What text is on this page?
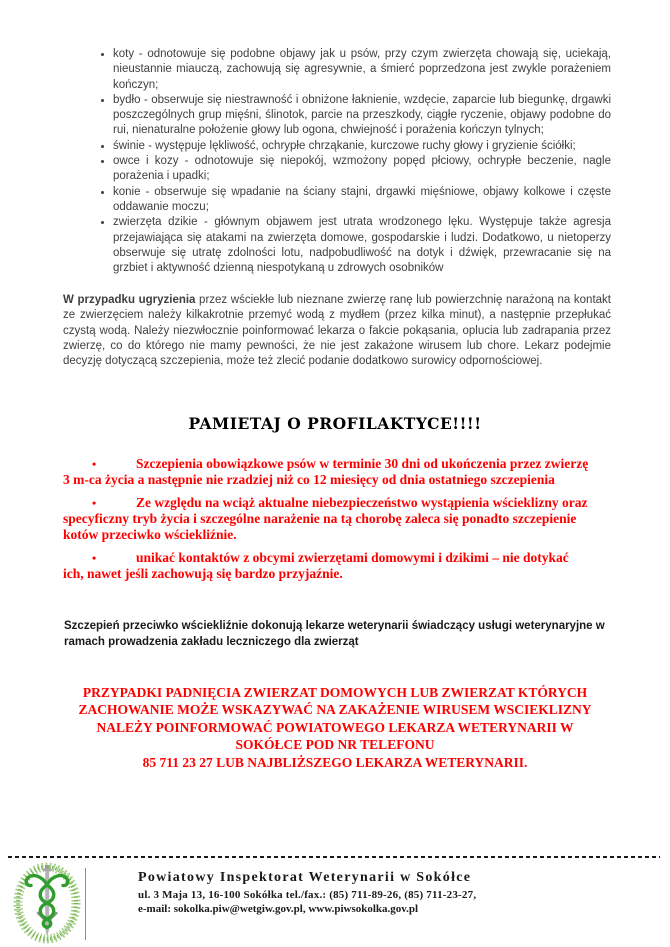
• koty - odnotowuje się podobne objawy jak u psów, przy czym zwierzęta chowają się, uciekają, nieustannie miauczą, zachowują się agresywnie, a śmierć poprzedzona jest zwykle porażeniem kończyn;
• bydło - obserwuje się niestrawność i obniżone łaknienie, wzdęcie, zaparcie lub biegunkę, drgawki poszczególnych grup mięśni, ślinotok, parcie na przeszkody, ciągłe ryczenie, objawy podobne do rui, nienaturalne położenie głowy lub ogona, chwiejność i porażenia kończyn tylnych;
• świnie - występuje lękliwość, ochrypłe chrząkanie, kurczowe ruchy głowy i gryzienie ściółki;
• owce i kozy - odnotowuje się niepokój, wzmożony popęd płciowy, ochrypłe beczenie, nagle porażenia i upadki;
• konie - obserwuje się wpadanie na ściany stajni, drgawki mięśniowe, objawy kolkowe i częste oddawanie moczu;
• zwierzęta dzikie - głównym objawem jest utrata wrodzonego lęku. Występuje także agresja przejawiająca się atakami na zwierzęta domowe, gospodarskie i ludzi. Dodatkowo, u nietoperzy obserwuje się utratę zdolności lotu, nadpobudliwość na dotyk i dźwięk, przewracanie się na grzbiet i aktywność dzienną niespotykaną u zdrowych osobników

W przypadku ugryzienia przez wściekłe lub nieznane zwierzę ranę lub powierzchnię narażoną na kontakt ze zwierzęciem należy kilkakrotnie przemyć wodą z mydłem (przez kilka minut), a następnie przepłukać czystą wodą. Należy niezwłocznie poinformować lekarza o fakcie pokąsania, oplucia lub zadrapania przez zwierzę, co do którego nie mamy pewności, że nie jest zakażone wirusem lub chore. Lekarz podejmie decyzję dotyczącą szczepienia, może też zlecić podanie dodatkowo surowicy odpornościowej.

PAMIETAJ O PROFILAKTYCE!!!!

•	Szczepienia obowiązkowe psów w terminie 30 dni od ukończenia przez zwierzę 3 m-ca życia a następnie nie rzadziej niż co 12 miesięcy od dnia ostatniego szczepienia

•	Ze względu na wciąż aktualne niebezpieczeństwo wystąpienia wścieklizny oraz specyficzny tryb życia i szczególne narażenie na tą chorobę zaleca się ponadto szczepienie kotów przeciwko wściekliźnie.

•	unikać kontaktów z obcymi zwierzętami domowymi i dzikimi – nie dotykać ich, nawet jeśli zachowują się bardzo przyjaźnie.

Szczepień przeciwko wściekliźnie dokonują lekarze weterynarii świadczący usługi weterynaryjne w ramach prowadzenia zakładu leczniczego dla zwierząt

PRZYPADKI PADNIĘCIA ZWIERZAT DOMOWYCH LUB ZWIERZAT KTÓRYCH
ZACHOWANIE MOŻE WSKAZYWAĆ NA ZAKAŻENIE WIRUSEM WSCIEKLIZNY
NALEŻY POINFORMOWAĆ POWIATOWEGO LEKARZA WETERYNARII W
SOKÓŁCE POD NR TELEFONU
85 711 23 27 LUB NAJBLIŻSZEGO LEKARZA WETERYNARII.
Powiatowy Inspektorat Weterynarii w Sokółce
ul. 3 Maja 13, 16-100 Sokółka tel./fax.: (85) 711-89-26, (85) 711-23-27,
e-mail: sokolka.piw@wetgiw.gov.pl, www.piwsokolka.gov.pl
